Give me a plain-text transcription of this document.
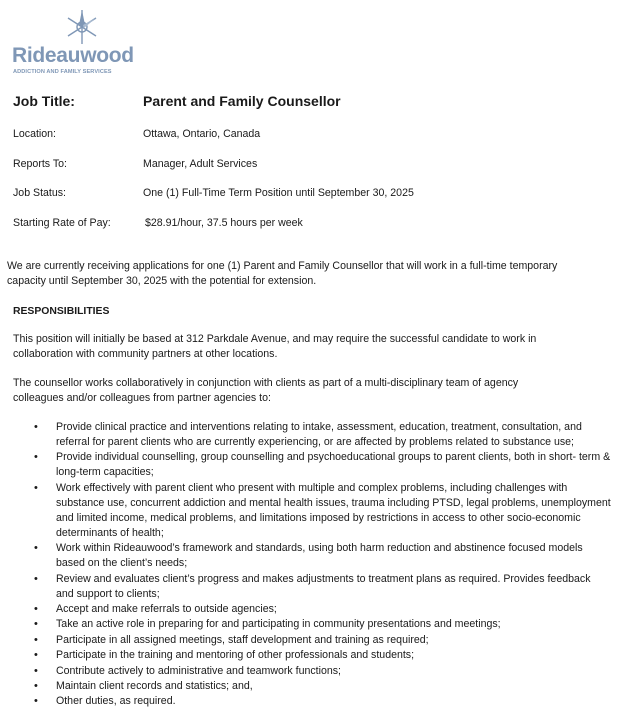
Rideauwood
ADDICTION AND FAMILY SERVICES
Job Title:	Parent and Family Counsellor
Location:	Ottawa, Ontario, Canada
Reports To:	Manager, Adult Services
Job Status:	One (1) Full-Time Term Position until September 30, 2025
Starting Rate of Pay:	$28.91/hour, 37.5 hours per week

We are currently receiving applications for one (1) Parent and Family Counsellor that will work in a full-time temporary capacity until September 30, 2025 with the potential for extension.

RESPONSIBILITIES

This position will initially be based at 312 Parkdale Avenue, and may require the successful candidate to work in collaboration with community partners at other locations.

The counsellor works collaboratively in conjunction with clients as part of a multi-disciplinary team of agency colleagues and/or colleagues from partner agencies to:

• Provide clinical practice and interventions relating to intake, assessment, education, treatment, consultation, and referral for parent clients who are currently experiencing, or are affected by problems related to substance use;
• Provide individual counselling, group counselling and psychoeducational groups to parent clients, both in short- term & long-term capacities;
• Work effectively with parent client who present with multiple and complex problems, including challenges with substance use, concurrent addiction and mental health issues, trauma including PTSD, legal problems, unemployment and limited income, medical problems, and limitations imposed by restrictions in access to other socio-economic determinants of health;
• Work within Rideauwood’s framework and standards, using both harm reduction and abstinence focused models based on the client’s needs;
• Review and evaluates client’s progress and makes adjustments to treatment plans as required. Provides feedback and support to clients;
• Accept and make referrals to outside agencies;
• Take an active role in preparing for and participating in community presentations and meetings;
• Participate in all assigned meetings, staff development and training as required;
• Participate in the training and mentoring of other professionals and students;
• Contribute actively to administrative and teamwork functions;
• Maintain client records and statistics; and,
• Other duties, as required.
